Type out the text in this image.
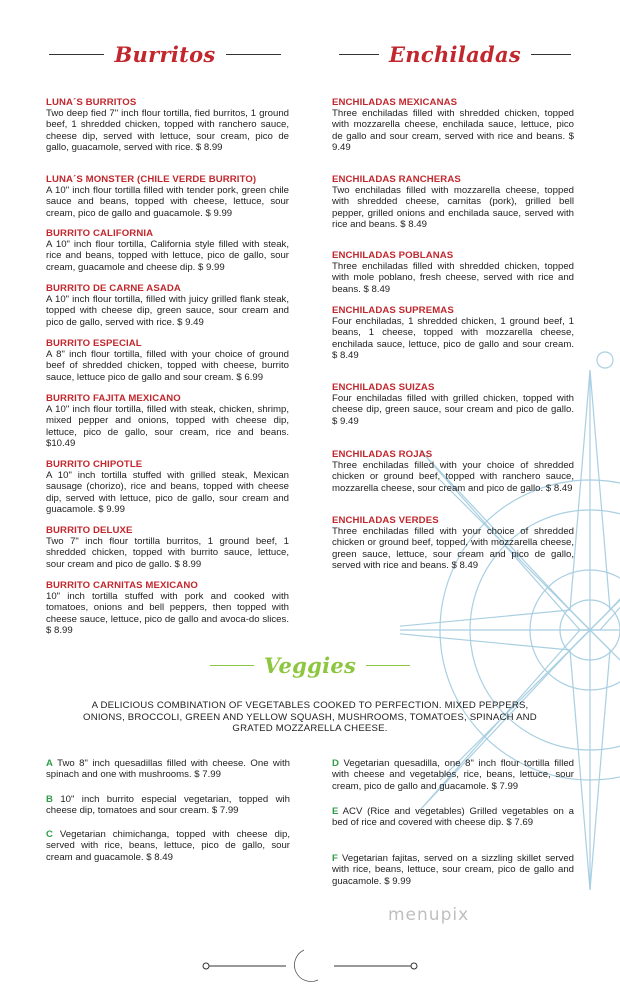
Burritos	Enchiladas
LUNA´S BURRITOS
Two deep fied 7" inch flour tortilla, fied burritos, 1 ground beef, 1 shredded chicken, topped with ranchero sauce, cheese dip, served with lettuce, sour cream, pico de gallo, guacamole, served with rice. $ 8.99
LUNA´S MONSTER (CHILE VERDE BURRITO)
A 10" inch flour tortilla filled with tender pork, green chile sauce and beans, topped with cheese, lettuce, sour cream, pico de gallo and guacamole. $ 9.99
BURRITO CALIFORNIA
A 10" inch flour tortilla, California style filled with steak, rice and beans, topped with lettuce, pico de gallo, sour cream, guacamole and cheese dip. $ 9.99
BURRITO DE CARNE ASADA
A 10" inch flour tortilla, filled with juicy grilled flank steak, topped with cheese dip, green sauce, sour cream and pico de gallo, served with rice. $ 9.49
BURRITO ESPECIAL
A 8" inch flour tortilla, filled with your choice of ground beef of shredded chicken, topped with cheese, burrito sauce, lettuce pico de gallo and sour cream. $ 6.99
BURRITO FAJITA MEXICANO
A 10" inch flour tortilla, filled with steak, chicken, shrimp, mixed pepper and onions, topped with cheese dip, lettuce, pico de gallo, sour cream, rice and beans. $10.49
BURRITO CHIPOTLE
A 10" inch tortilla stuffed with grilled steak, Mexican sausage (chorizo), rice and beans, topped with cheese dip, served with lettuce, pico de gallo, sour cream and guacamole. $ 9.99
BURRITO DELUXE
Two 7" inch flour tortilla burritos, 1 ground beef, 1 shredded chicken, topped with burrito sauce, lettuce, sour cream and pico de gallo. $ 8.99
BURRITO CARNITAS MEXICANO
10" inch tortilla stuffed with pork and cooked with tomatoes, onions and bell peppers, then topped with cheese sauce, lettuce, pico de gallo and avoca-do slices. $ 8.99
ENCHILADAS MEXICANAS
Three enchiladas filled with shredded chicken, topped with mozzarella cheese, enchilada sauce, lettuce, pico de gallo and sour cream, served with rice and beans. $ 9.49
ENCHILADAS RANCHERAS
Two enchiladas filled with mozzarella cheese, topped with shredded cheese, carnitas (pork), grilled bell pepper, grilled onions and enchilada sauce, served with rice and beans. $ 8.49
ENCHILADAS POBLANAS
Three enchiladas filled with shredded chicken, topped with mole poblano, fresh cheese, served with rice and beans. $ 8.49
ENCHILADAS SUPREMAS
Four enchiladas, 1 shredded chicken, 1 ground beef, 1 beans, 1 cheese, topped with mozzarella cheese, enchilada sauce, lettuce, pico de gallo and sour cream. $ 8.49
ENCHILADAS SUIZAS
Four enchiladas filled with grilled chicken, topped with cheese dip, green sauce, sour cream and pico de gallo. $ 9.49
ENCHILADAS ROJAS
Three enchiladas filled with your choice of shredded chicken or ground beef, topped with ranchero sauce, mozzarella cheese, sour cream and pico de gallo. $ 8.49
ENCHILADAS VERDES
Three enchiladas filled with your choice of shredded chicken or ground beef, topped, with mozzarella cheese, green sauce, lettuce, sour cream and pico de gallo, served with rice and beans. $ 8.49
Veggies
A DELICIOUS COMBINATION OF VEGETABLES COOKED TO PERFECTION. MIXED PEPPERS, ONIONS, BROCCOLI, GREEN AND YELLOW SQUASH, MUSHROOMS, TOMATOES, SPINACH AND GRATED MOZZARELLA CHEESE.
A Two 8" inch quesadillas filled with cheese. One with spinach and one with mushrooms. $ 7.99
B 10" inch burrito especial vegetarian, topped wih cheese dip, tomatoes and sour cream. $ 7.99
C Vegetarian chimichanga, topped with cheese dip, served with rice, beans, lettuce, pico de gallo, sour cream and guacamole. $ 8.49
D Vegetarian quesadilla, one 8" inch flour tortilla filled with cheese and vegetables, rice, beans, lettuce, sour cream, pico de gallo and guacamole. $ 7.99
E ACV (Rice and vegetables) Grilled vegetables on a bed of rice and covered with cheese dip. $ 7.69
F Vegetarian fajitas, served on a sizzling skillet served with rice, beans, lettuce, sour cream, pico de gallo and guacamole. $ 9.99
menupix
